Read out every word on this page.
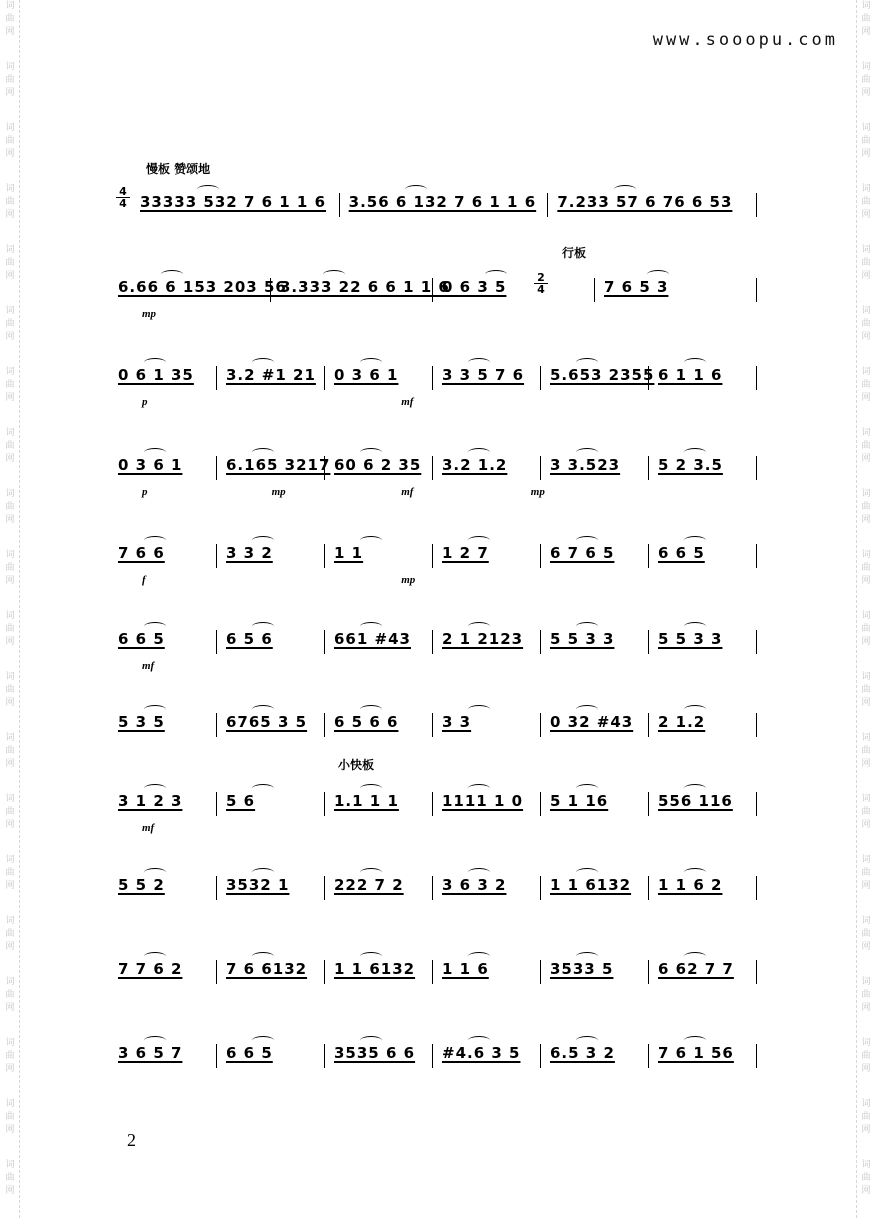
词
曲
网
词
曲
网
词
曲
网
词
曲
网
词
曲
网
词
曲
网
词
曲
网
词
曲
网
词
曲
网
词
曲
网
词
曲
网
词
曲
网
词
曲
网
词
曲
网
词
曲
网
词
曲
网
词
曲
网
词
曲
网
词
曲
网
词
曲
网
词
曲
网
词
曲
网
词
曲
网
词
曲
网
词
曲
网
词
曲
网
词
曲
网
词
曲
网
词
曲
网
词
曲
网
词
曲
网
词
曲
网
词
曲
网
词
曲
网
词
曲
网
词
曲
网
词
曲
网
词
曲
网
词
曲
网
词
曲
网
www.sooopu.com
慢板 赞颂地
行板
小快板
33333 532 7 6 1 1 6 3.56 6 132 7 6 1 1 6 7.233 57 6 76 6 53
6.66 6 153 203 56
3.333 22 6 6 1 1 6
0 6 3 5	7 6 5 3
mp
0 6 1 35 3.2 #1 21 0 3 6 1	3 3 5 7 6 5.653 2355 6 1 1 6
p	mf
0 3 6 1	6.165 3217 60 6 2 35 3.2 1.2	3 3.523	5 2 3.5
p	mp	mf	mp
7 6 6	3 3 2	1 1	1 2 7	6 7 6 5	6 6 5
f	mp
6 6 5	6 5 6	661 #43 2 1 2123 5 5 3 3	5 5 3 3
mf
5 3 5	6765 3 5 6 5 6 6	3 3	0 32 #43 2 1.2
3 1 2 3	5 6	1.1 1 1	1111 1 0 5 1 16	556 116
mf
5 5 2	3532 1	222 7 2	3 6 3 2	1 1 6132 1 1 6 2
7 7 6 2	7 6 6132 1 1 6132 1 1 6	3533 5	6 62 7 7
3 6 5 7	6 6 5	3535 6 6 #4.6 3 5 6.5 3 2	7 6 1 56
$\frac{4}{4}$
$\frac{2}{4}$
2
